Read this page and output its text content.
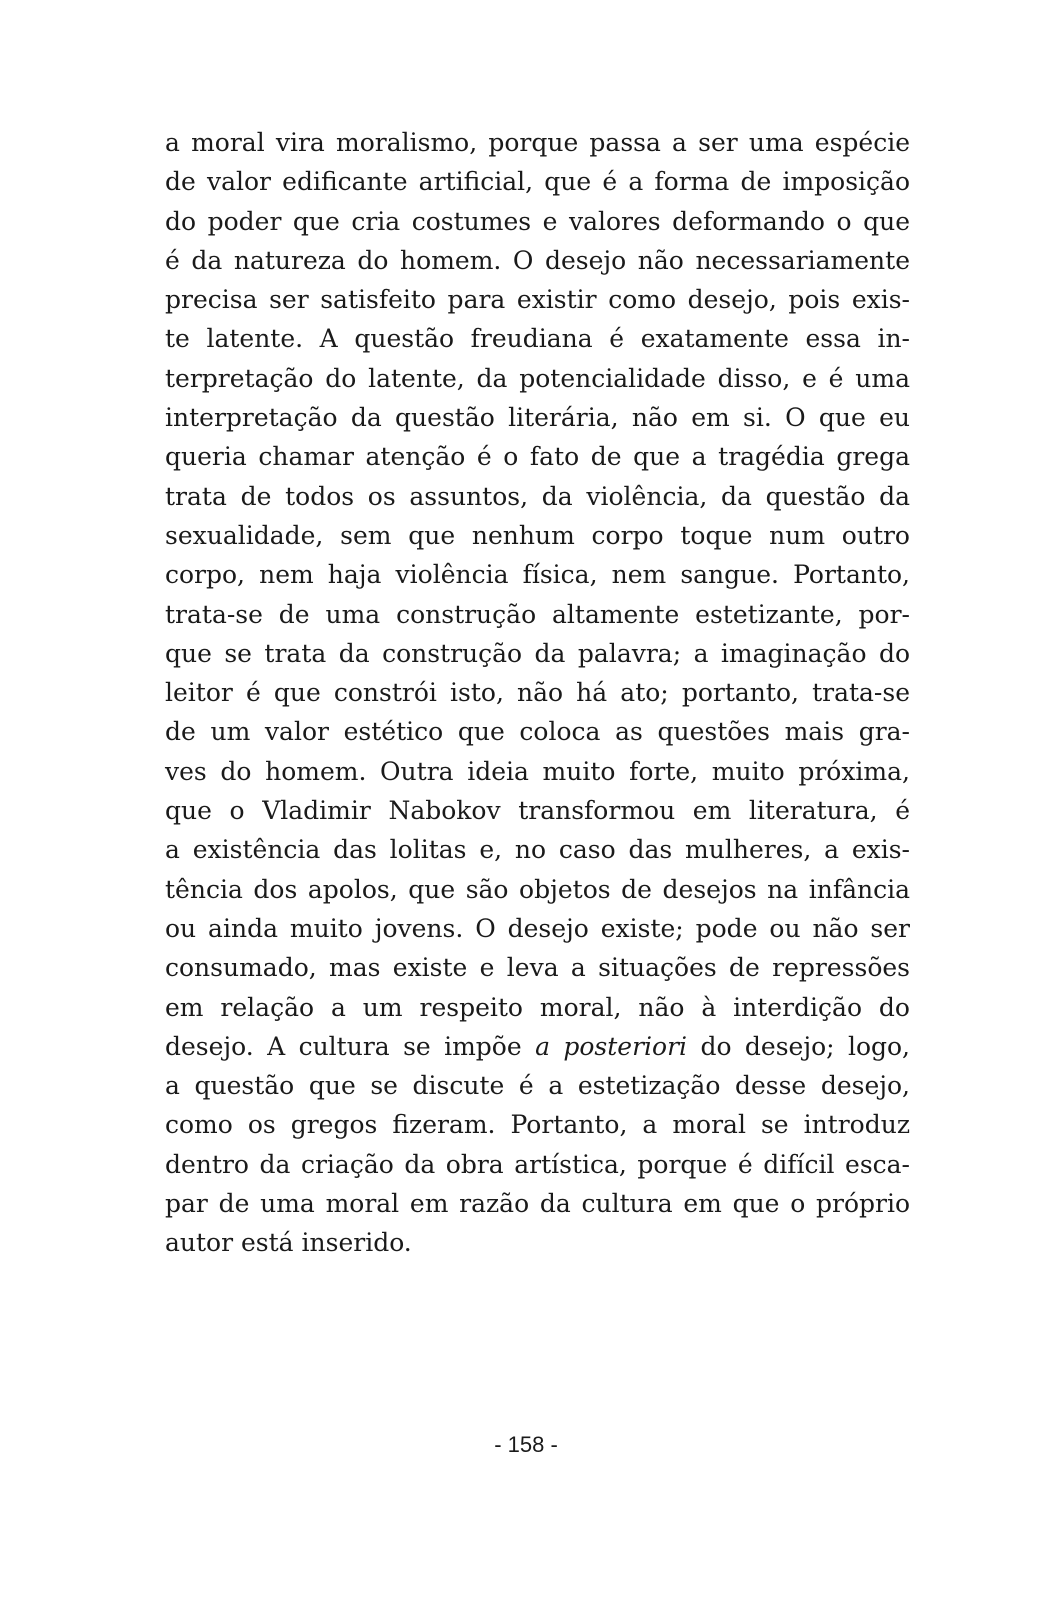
a moral vira moralismo, porque passa a ser uma espécie
de valor edificante artificial, que é a forma de imposição
do poder que cria costumes e valores deformando o que
é da natureza do homem. O desejo não necessariamente
precisa ser satisfeito para existir como desejo, pois exis-
te latente. A questão freudiana é exatamente essa in-
terpretação do latente, da potencialidade disso, e é uma
interpretação da questão literária, não em si. O que eu
queria chamar atenção é o fato de que a tragédia grega
trata de todos os assuntos, da violência, da questão da
sexualidade, sem que nenhum corpo toque num outro
corpo, nem haja violência física, nem sangue. Portanto,
trata-se de uma construção altamente estetizante, por-
que se trata da construção da palavra; a imaginação do
leitor é que constrói isto, não há ato; portanto, trata-se
de um valor estético que coloca as questões mais gra-
ves do homem. Outra ideia muito forte, muito próxima,
que o Vladimir Nabokov transformou em literatura, é
a existência das lolitas e, no caso das mulheres, a exis-
tência dos apolos, que são objetos de desejos na infância
ou ainda muito jovens. O desejo existe; pode ou não ser
consumado, mas existe e leva a situações de repressões
em relação a um respeito moral, não à interdição do
desejo. A cultura se impõe a posteriori do desejo; logo,
a questão que se discute é a estetização desse desejo,
como os gregos fizeram. Portanto, a moral se introduz
dentro da criação da obra artística, porque é difícil esca-
par de uma moral em razão da cultura em que o próprio
autor está inserido.
- 158 -
